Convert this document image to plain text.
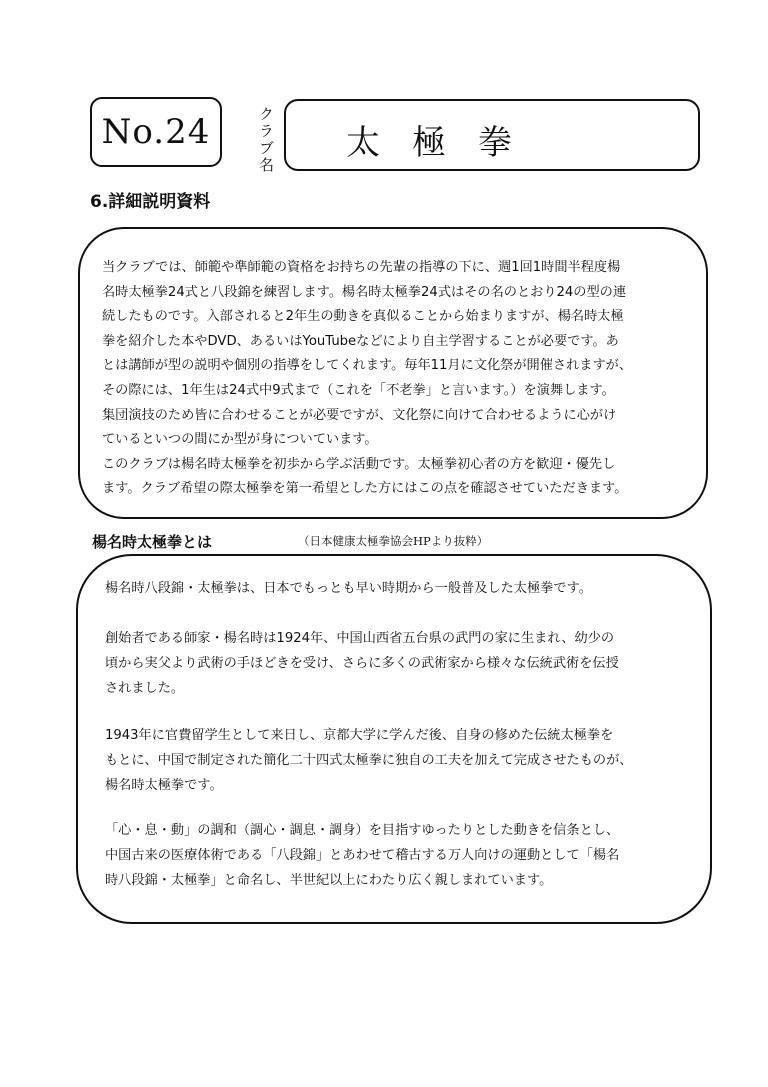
No.24	クラブ名 太極拳
6.詳細説明資料
当クラブでは、師範や準師範の資格をお持ちの先輩の指導の下に、週1回1時間半程度楊
名時太極拳24式と八段錦を練習します。楊名時太極拳24式はその名のとおり24の型の連
続したものです。入部されると2年生の動きを真似ることから始まりますが、楊名時太極
拳を紹介した本やDVD、あるいはYouTubeなどにより自主学習することが必要です。あ
とは講師が型の説明や個別の指導をしてくれます。毎年11月に文化祭が開催されますが、
その際には、1年生は24式中9式まで（これを「不老拳」と言います。）を演舞します。
集団演技のため皆に合わせることが必要ですが、文化祭に向けて合わせるように心がけ
ているといつの間にか型が身についています。
このクラブは楊名時太極拳を初歩から学ぶ活動です。太極拳初心者の方を歓迎・優先し
ます。クラブ希望の際太極拳を第一希望とした方にはこの点を確認させていただきます。
楊名時太極拳とは	（日本健康太極拳協会HPより抜粋）
楊名時八段錦・太極拳は、日本でもっとも早い時期から一般普及した太極拳です。
創始者である師家・楊名時は1924年、中国山西省五台県の武門の家に生まれ、幼少の
頃から実父より武術の手ほどきを受け、さらに多くの武術家から様々な伝統武術を伝授
されました。
1943年に官費留学生として来日し、京都大学に学んだ後、自身の修めた伝統太極拳を
もとに、中国で制定された簡化二十四式太極拳に独自の工夫を加えて完成させたものが、
楊名時太極拳です。
「心・息・動」の調和（調心・調息・調身）を目指すゆったりとした動きを信条とし、
中国古来の医療体術である「八段錦」とあわせて稽古する万人向けの運動として「楊名
時八段錦・太極拳」と命名し、半世紀以上にわたり広く親しまれています。
